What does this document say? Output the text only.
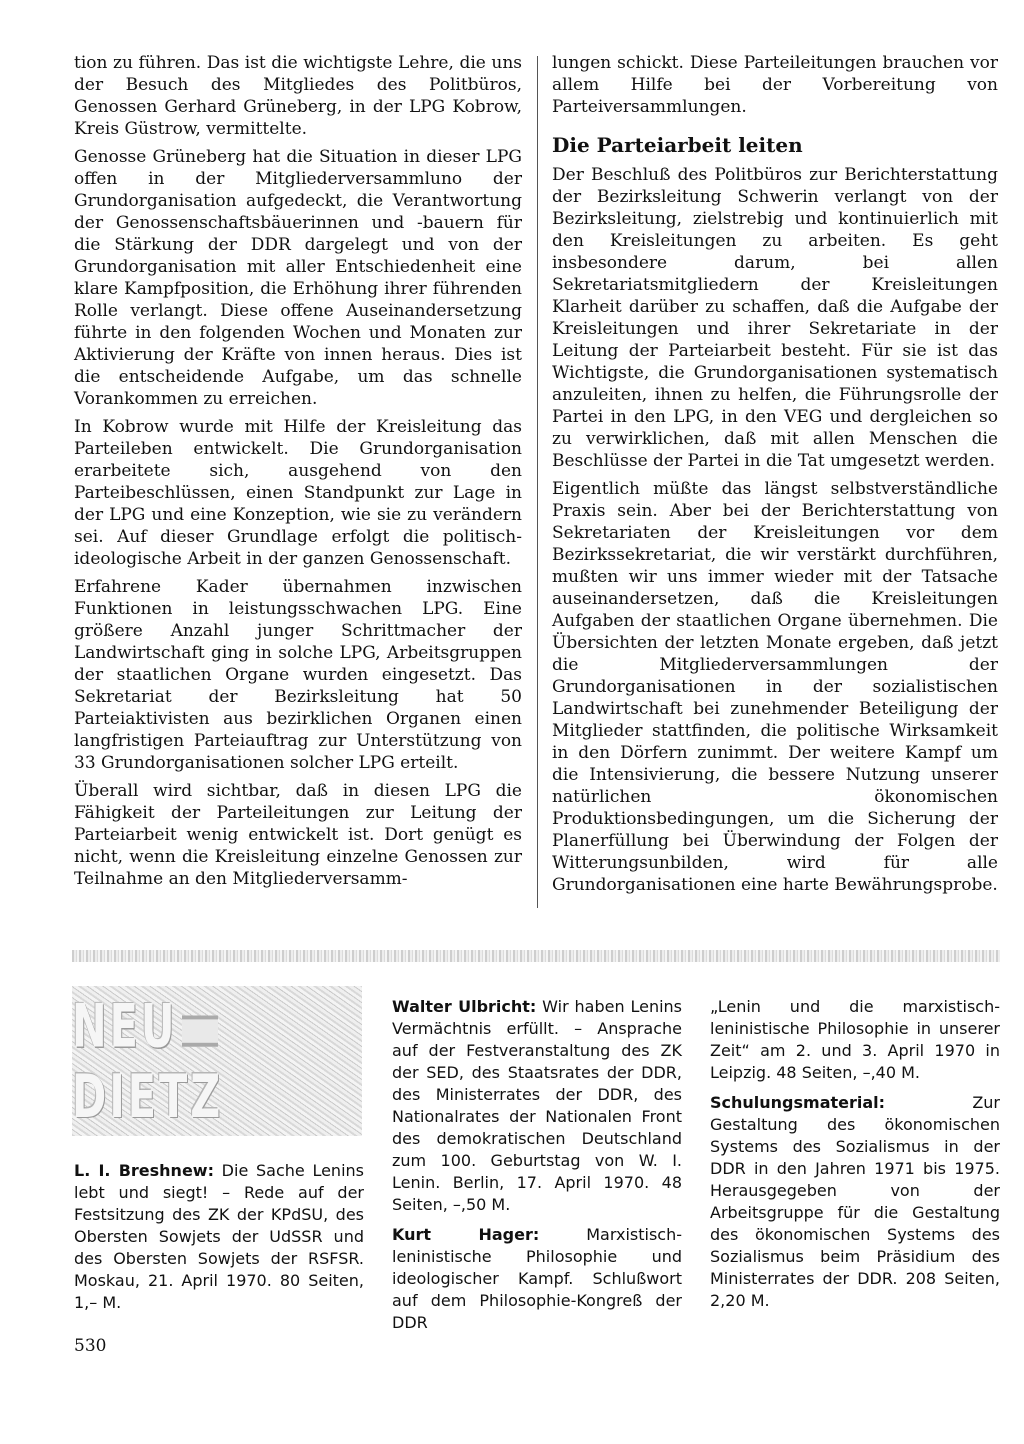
tion zu führen. Das ist die wichtigste Lehre, die uns der Besuch des Mitgliedes des Politbüros, Genossen Gerhard Grüneberg, in der LPG Kobrow, Kreis Güstrow, vermittelte.

Genosse Grüneberg hat die Situation in dieser LPG offen in der Mitgliederversammluno der Grundorganisation aufgedeckt, die Verantwortung der Genossenschaftsbäuerinnen und -bauern für die Stärkung der DDR dargelegt und von der Grundorganisation mit aller Entschiedenheit eine klare Kampfposition, die Erhöhung ihrer führenden Rolle verlangt. Diese offene Auseinandersetzung führte in den folgenden Wochen und Monaten zur Aktivierung der Kräfte von innen heraus. Dies ist die entscheidende Aufgabe, um das schnelle Vorankommen zu erreichen.

In Kobrow wurde mit Hilfe der Kreisleitung das Parteileben entwickelt. Die Grundorganisation erarbeitete sich, ausgehend von den Parteibeschlüssen, einen Standpunkt zur Lage in der LPG und eine Konzeption, wie sie zu verändern sei. Auf dieser Grundlage erfolgt die politisch-ideologische Arbeit in der ganzen Genossenschaft.

Erfahrene Kader übernahmen inzwischen Funktionen in leistungsschwachen LPG. Eine größere Anzahl junger Schrittmacher der Landwirtschaft ging in solche LPG, Arbeitsgruppen der staatlichen Organe wurden eingesetzt. Das Sekretariat der Bezirksleitung hat 50 Parteiaktivisten aus bezirklichen Organen einen langfristigen Parteiauftrag zur Unterstützung von 33 Grundorganisationen solcher LPG erteilt.

Überall wird sichtbar, daß in diesen LPG die Fähigkeit der Parteileitungen zur Leitung der Parteiarbeit wenig entwickelt ist. Dort genügt es nicht, wenn die Kreisleitung einzelne Genossen zur Teilnahme an den Mitgliederversamm-

lungen schickt. Diese Parteileitungen brauchen vor allem Hilfe bei der Vorbereitung von Parteiversammlungen.

Die Parteiarbeit leiten

Der Beschluß des Politbüros zur Berichterstattung der Bezirksleitung Schwerin verlangt von der Bezirksleitung, zielstrebig und kontinuierlich mit den Kreisleitungen zu arbeiten. Es geht insbesondere darum, bei allen Sekretariatsmitgliedern der Kreisleitungen Klarheit darüber zu schaffen, daß die Aufgabe der Kreisleitungen und ihrer Sekretariate in der Leitung der Parteiarbeit besteht. Für sie ist das Wichtigste, die Grundorganisationen systematisch anzuleiten, ihnen zu helfen, die Führungsrolle der Partei in den LPG, in den VEG und dergleichen so zu verwirklichen, daß mit allen Menschen die Beschlüsse der Partei in die Tat umgesetzt werden.

Eigentlich müßte das längst selbstverständliche Praxis sein. Aber bei der Berichterstattung von Sekretariaten der Kreisleitungen vor dem Bezirkssekretariat, die wir verstärkt durchführen, mußten wir uns immer wieder mit der Tatsache auseinandersetzen, daß die Kreisleitungen Aufgaben der staatlichen Organe übernehmen. Die Übersichten der letzten Monate ergeben, daß jetzt die Mitgliederversammlungen der Grundorganisationen in der sozialistischen Landwirtschaft bei zunehmender Beteiligung der Mitglieder stattfinden, die politische Wirksamkeit in den Dörfern zunimmt. Der weitere Kampf um die Intensivierung, die bessere Nutzung unserer natürlichen ökonomischen Produktionsbedingungen, um die Sicherung der Planerfüllung bei Überwindung der Folgen der Witterungsunbilden, wird für alle Grundorganisationen eine harte Bewährungsprobe.

NEUDIETZ

L. I. Breshnew: Die Sache Lenins lebt und siegt! – Rede auf der Festsitzung des ZK der KPdSU, des Obersten Sowjets der UdSSR und des Obersten Sowjets der RSFSR. Moskau, 21. April 1970. 80 Seiten, 1,– M.

Walter Ulbricht: Wir haben Lenins Vermächtnis erfüllt. – Ansprache auf der Festveranstaltung des ZK der SED, des Staatsrates der DDR, des Ministerrates der DDR, des Nationalrates der Nationalen Front des demokratischen Deutschland zum 100. Geburtstag von W. I. Lenin. Berlin, 17. April 1970. 48 Seiten, –,50 M.

Kurt Hager: Marxistisch-leninistische Philosophie und ideologischer Kampf. Schlußwort auf dem Philosophie-Kongreß der DDR

„Lenin und die marxistisch-leninistische Philosophie in unserer Zeit“ am 2. und 3. April 1970 in Leipzig. 48 Seiten, –,40 M.

Schulungsmaterial: Zur Gestaltung des ökonomischen Systems des Sozialismus in der DDR in den Jahren 1971 bis 1975. Herausgegeben von der Arbeitsgruppe für die Gestaltung des ökonomischen Systems des Sozialismus beim Präsidium des Ministerrates der DDR. 208 Seiten, 2,20 M.

530
